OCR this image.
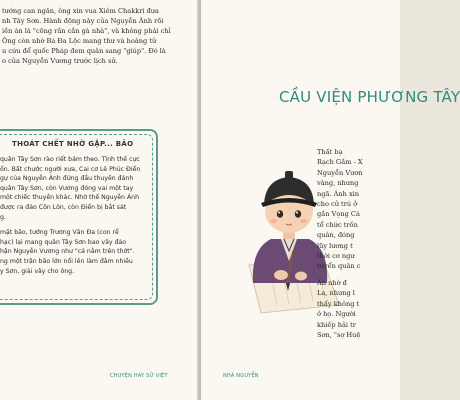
tướng can ngăn, ông xin vua Xiêm Chakkri đưa
nh Tây Sơn. Hành động này của Nguyễn Ánh rồi
iền án là "cõng rắn cắn gà nhà", và không phải chỉ
Ông còn nhờ Bá Đa Lộc mang thư và hoàng tử
u cứu để quốc Pháp đem quân sang "giúp". Đó là
o của Nguyễn Vương trước lịch sử.
THOÁT CHẾT NHỜ GẶP... BÃO
quân Tây Sơn rào riết bám theo. Tình thế cực
ốn. Bất chước người xưa, Cai cơ Lê Phúc Điển
gự của Nguyễn Ánh đứng đầu thuyền đánh
quân Tây Sơn, còn Vương đóng vai một tay
một chiếc thuyền khác. Nhờ thế Nguyễn Ánh
được ra đảo Côn Lôn, còn Điển bị bắt sát
g.
mặt bão, tướng Trương Văn Đa (con rể
hạc) lại mang quân Tây Sơn bao vây đảo
hận Nguyễn Vương như "cá nằm trên thớt".
ng một trận bão lớn nổi lên làm đắm nhiều
y Sơn, giải vây cho ông.
CHUYỆN HAY SỬ VIỆT
CẦU VIỆN PHƯƠNG TÂY
Thất bạ
Rạch Gầm - X
Nguyễn Vươn
vàng, nhưng
ngã. Ánh xin
cho cử trú ở
gần Vọng Cá
tổ chức trồn
quân, đóng
lũy lương t
thời cơ ngư
tuyển quân c
Ấn nhờ đ
La, nhưng l
thấy không t
ở họ. Người
khiếp hải tr
Sơn, "sợ Huệ
NHÀ NGUYỄN
